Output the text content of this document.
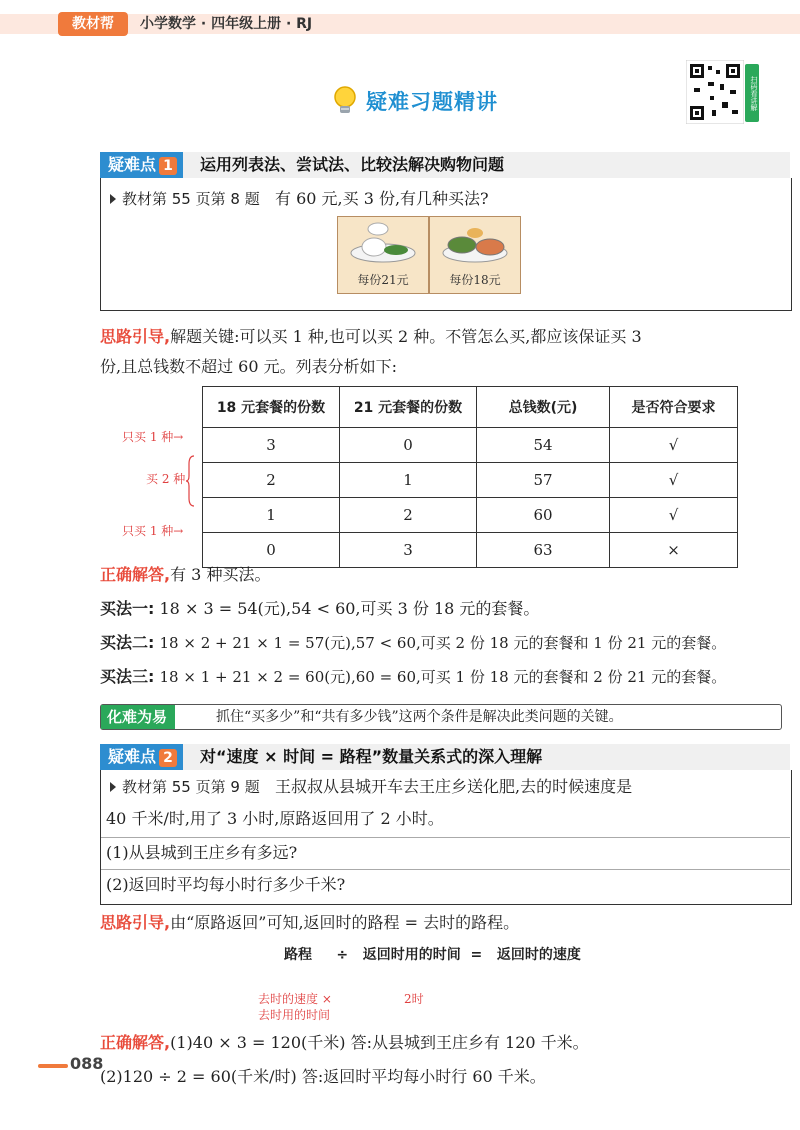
教材帮	小学数学 · 四年级上册 · RJ
疑难习题精讲	扫码看讲解
疑难点 1	运用列表法、尝试法、比较法解决购物问题
教材第 55 页第 8 题 有 60 元,买 3 份,有几种买法?
每份21元	每份18元
思路引导,解题关键:可以买 1 种,也可以买 2 种。不管怎么买,都应该保证买 3
份,且总钱数不超过 60 元。列表分析如下:
只买 1 种→
买 2 种
只买 1 种→
18 元套餐的份数	21 元套餐的份数	总钱数(元)	是否符合要求
3	0	54	√
2	1	57	√
1	2	60	√
0	3	63	×
正确解答,有 3 种买法。
买法一: 18 × 3 = 54(元),54 < 60,可买 3 份 18 元的套餐。
买法二: 18 × 2 + 21 × 1 = 57(元),57 < 60,可买 2 份 18 元的套餐和 1 份 21 元的套餐。
买法三: 18 × 1 + 21 × 2 = 60(元),60 = 60,可买 1 份 18 元的套餐和 2 份 21 元的套餐。
化难为易	抓住“买多少”和“共有多少钱”这两个条件是解决此类问题的关键。
疑难点 2	对“速度 × 时间 = 路程”数量关系式的深入理解
教材第 55 页第 9 题 王叔叔从县城开车去王庄乡送化肥,去的时候速度是
40 千米/时,用了 3 小时,原路返回用了 2 小时。
(1)从县城到王庄乡有多远?
(2)返回时平均每小时行多少千米?
思路引导,由“原路返回”可知,返回时的路程 = 去时的路程。
路程 ÷ 返回时用的时间 = 返回时的速度
去时的速度 ×
去时用的时间
2时
正确解答,(1)40 × 3 = 120(千米) 答:从县城到王庄乡有 120 千米。
(2)120 ÷ 2 = 60(千米/时) 答:返回时平均每小时行 60 千米。
088
